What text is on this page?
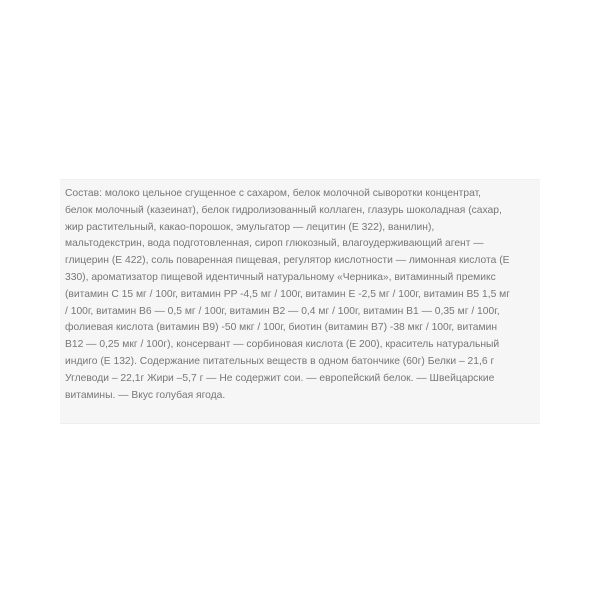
Состав: молоко цельное сгущенное с сахаром, белок молочной сыворотки концентрат,
белок молочный (казеинат), белок гидролизованный коллаген, глазурь шоколадная (сахар,
жир растительный, какао-порошок, эмульгатор — лецитин (E 322), ванилин),
мальтодекстрин, вода подготовленная, сироп глюкозный, влагоудерживающий агент —
глицерин (E 422), соль поваренная пищевая, регулятор кислотности — лимонная кислота (E
330), ароматизатор пищевой идентичный натуральному «Черника», витаминный премикс
(витамин С 15 мг / 100г, витамин PP -4,5 мг / 100г, витамин E -2,5 мг / 100г, витамин B5 1,5 мг
/ 100г, витамин B6 — 0,5 мг / 100г, витамин B2 — 0,4 мг / 100г, витамин B1 — 0,35 мг / 100г,
фолиевая кислота (витамин B9) -50 мкг / 100г, биотин (витамин B7) -38 мкг / 100г, витамин
B12 — 0,25 мкг / 100г), консервант — сорбиновая кислота (E 200), краситель натуральный
индиго (E 132). Содержание питательных веществ в одном батончике (60г) Белки – 21,6 г
Углеводи – 22,1г Жири –5,7 г — Не содержит сои. — европейский белок. — Швейцарские
витамины. — Вкус голубая ягода.
